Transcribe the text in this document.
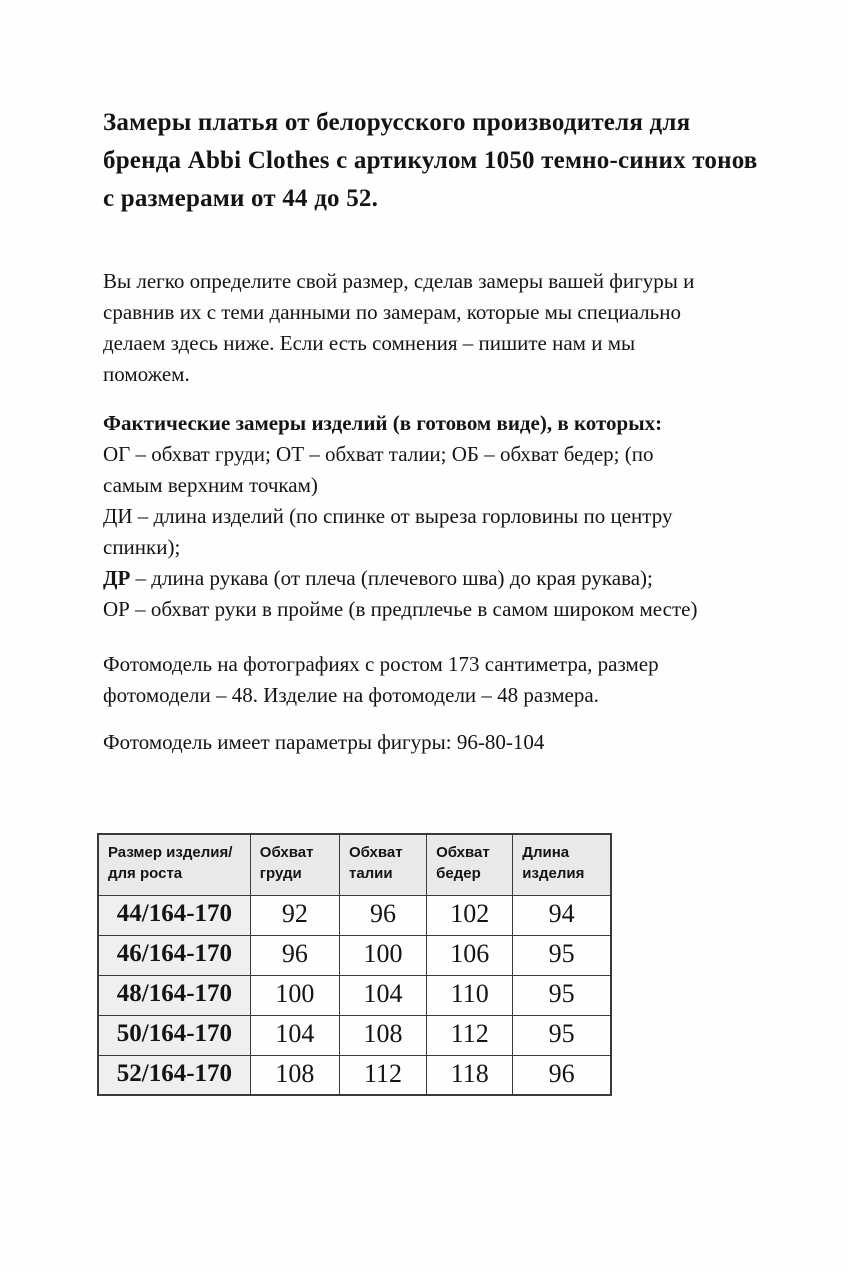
Замеры платья от белорусского производителя для
бренда Abbi Clothes с артикулом 1050 темно-синих тонов
с размерами от 44 до 52.

Вы легко определите свой размер, сделав замеры вашей фигуры и
сравнив их с теми данными по замерам, которые мы специально
делаем здесь ниже. Если есть сомнения – пишите нам и мы
поможем.

Фактические замеры изделий (в готовом виде), в которых:
ОГ – обхват груди; ОТ – обхват талии; ОБ – обхват бедер; (по
самым верхним точкам)
ДИ – длина изделий (по спинке от выреза горловины по центру
спинки);
ДР – длина рукава (от плеча (плечевого шва) до края рукава);
ОР – обхват руки в пройме (в предплечье в самом широком месте)

Фотомодель на фотографиях с ростом 173 сантиметра, размер
фотомодели – 48. Изделие на фотомодели – 48 размера.

Фотомодель имеет параметры фигуры: 96-80-104

Размер изделия/для роста	Обхват груди	Обхват талии	Обхват бедер	Длина изделия
44/164-170	92	96	102	94
46/164-170	96	100	106	95
48/164-170	100	104	110	95
50/164-170	104	108	112	95
52/164-170	108	112	118	96
